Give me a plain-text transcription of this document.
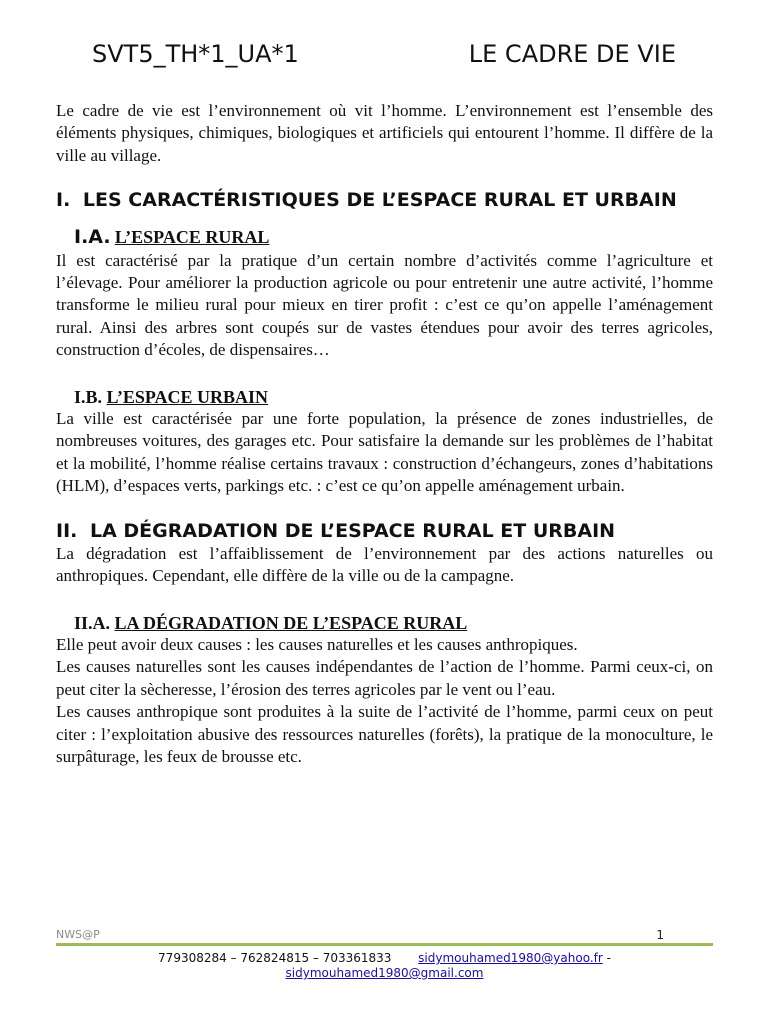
SVT5_TH*1_UA*1	LE CADRE DE VIE

Le cadre de vie est l’environnement où vit l’homme. L’environnement est l’ensemble des éléments physiques, chimiques, biologiques et artificiels qui entourent l’homme. Il diffère de la ville au village.

I. LES CARACTÉRISTIQUES DE L’ESPACE RURAL ET URBAIN
I.A. L’ESPACE RURAL

Il est caractérisé par la pratique d’un certain nombre d’activités comme l’agriculture et l’élevage. Pour améliorer la production agricole ou pour entretenir une autre activité, l’homme transforme le milieu rural pour mieux en tirer profit : c’est ce qu’on appelle l’aménagement rural. Ainsi des arbres sont coupés sur de vastes étendues pour avoir des terres agricoles, construction d’écoles, de dispensaires…

I.B. L’ESPACE URBAIN

La ville est caractérisée par une forte population, la présence de zones industrielles, de nombreuses voitures, des garages etc. Pour satisfaire la demande sur les problèmes de l’habitat et la mobilité, l’homme réalise certains travaux : construction d’échangeurs, zones d’habitations (HLM), d’espaces verts, parkings etc. : c’est ce qu’on appelle aménagement urbain.

II. LA DÉGRADATION DE L’ESPACE RURAL ET URBAIN

La dégradation est l’affaiblissement de l’environnement par des actions naturelles ou anthropiques. Cependant, elle diffère de la ville ou de la campagne.

II.A. LA DÉGRADATION DE L’ESPACE RURAL

Elle peut avoir deux causes : les causes naturelles et les causes anthropiques.

Les causes naturelles sont les causes indépendantes de l’action de l’homme. Parmi ceux-ci, on peut citer la sècheresse, l’érosion des terres agricoles par le vent ou l’eau.

Les causes anthropique sont produites à la suite de l’activité de l’homme, parmi ceux on peut citer : l’exploitation abusive des ressources naturelles (forêts), la pratique de la monoculture, le surpâturage, les feux de brousse etc.

NWS@P	1
779308284 – 762824815 – 703361833 sidymouhamed1980@yahoo.fr -
sidymouhamed1980@gmail.com
